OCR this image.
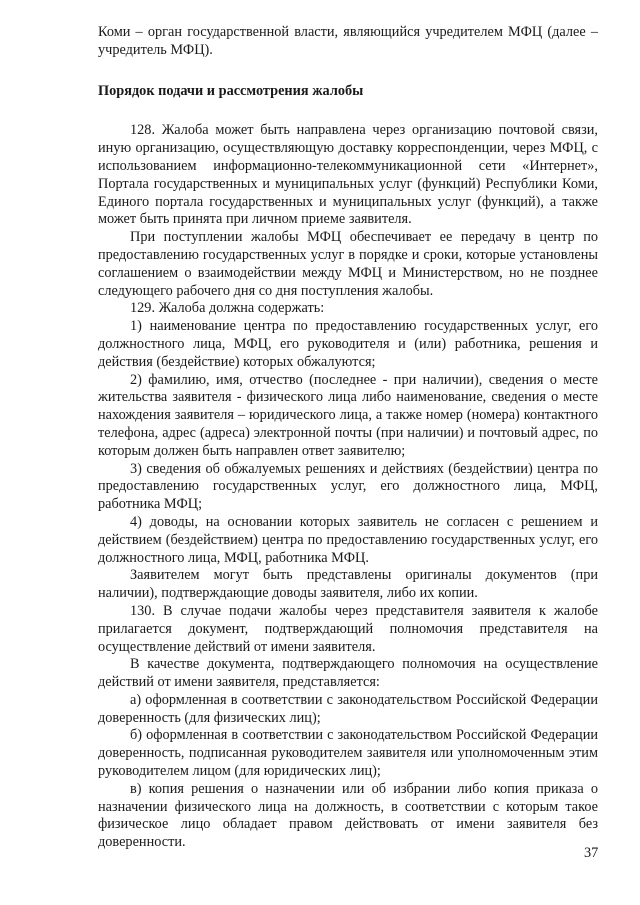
Коми – орган государственной власти, являющийся учредителем МФЦ (далее – учредитель МФЦ).

Порядок подачи и рассмотрения жалобы

128. Жалоба может быть направлена через организацию почтовой связи, иную организацию, осуществляющую доставку корреспонденции, через МФЦ, с использованием информационно-телекоммуникационной сети «Интернет», Портала государственных и муниципальных услуг (функций) Республики Коми, Единого портала государственных и муниципальных услуг (функций), а также может быть принята при личном приеме заявителя.

При поступлении жалобы МФЦ обеспечивает ее передачу в центр по предоставлению государственных услуг в порядке и сроки, которые установлены соглашением о взаимодействии между МФЦ и Министерством, но не позднее следующего рабочего дня со дня поступления жалобы.

129. Жалоба должна содержать:

1) наименование центра по предоставлению государственных услуг, его должностного лица, МФЦ, его руководителя и (или) работника, решения и действия (бездействие) которых обжалуются;

2) фамилию, имя, отчество (последнее - при наличии), сведения о месте жительства заявителя - физического лица либо наименование, сведения о месте нахождения заявителя – юридического лица, а также номер (номера) контактного телефона, адрес (адреса) электронной почты (при наличии) и почтовый адрес, по которым должен быть направлен ответ заявителю;

3) сведения об обжалуемых решениях и действиях (бездействии) центра по предоставлению государственных услуг, его должностного лица, МФЦ, работника МФЦ;

4) доводы, на основании которых заявитель не согласен с решением и действием (бездействием) центра по предоставлению государственных услуг, его должностного лица, МФЦ, работника МФЦ.

Заявителем могут быть представлены оригиналы документов (при наличии), подтверждающие доводы заявителя, либо их копии.

130. В случае подачи жалобы через представителя заявителя к жалобе прилагается документ, подтверждающий полномочия представителя на осуществление действий от имени заявителя.

В качестве документа, подтверждающего полномочия на осуществление действий от имени заявителя, представляется:

а) оформленная в соответствии с законодательством Российской Федерации доверенность (для физических лиц);

б) оформленная в соответствии с законодательством Российской Федерации доверенность, подписанная руководителем заявителя или уполномоченным этим руководителем лицом (для юридических лиц);

в) копия решения о назначении или об избрании либо копия приказа о назначении физического лица на должность, в соответствии с которым такое физическое лицо обладает правом действовать от имени заявителя без доверенности.

37
